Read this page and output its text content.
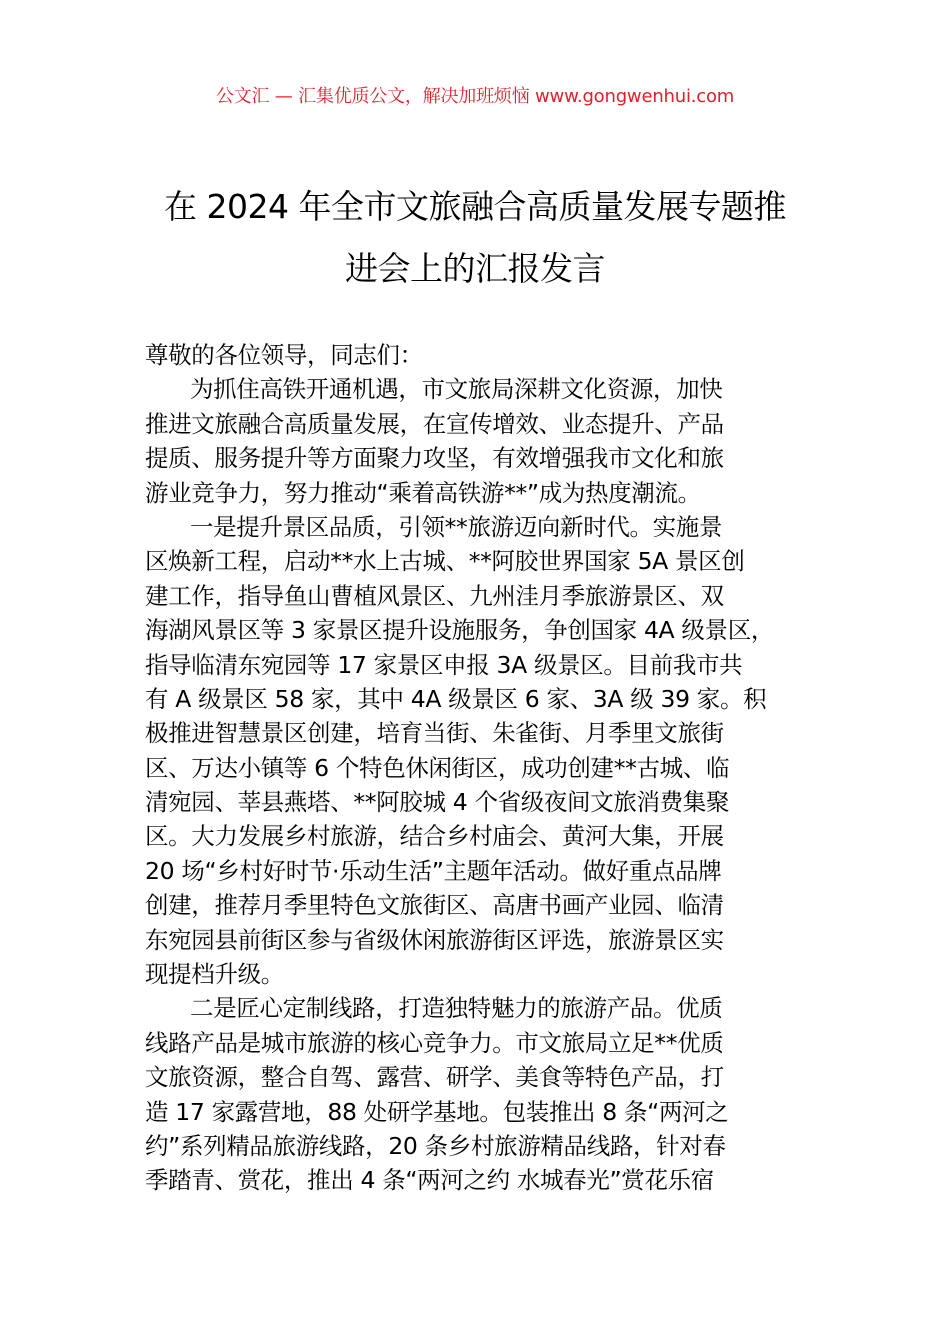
公文汇 — 汇集优质公文，解决加班烦恼 www.gongwenhui.com
在 2024 年全市文旅融合高质量发展专题推
进会上的汇报发言
尊敬的各位领导，同志们：
为抓住高铁开通机遇，市文旅局深耕文化资源，加快
推进文旅融合高质量发展，在宣传增效、业态提升、产品
提质、服务提升等方面聚力攻坚，有效增强我市文化和旅
游业竞争力，努力推动“乘着高铁游**”成为热度潮流。
一是提升景区品质，引领**旅游迈向新时代。实施景
区焕新工程，启动**水上古城、**阿胶世界国家 5A 景区创
建工作，指导鱼山曹植风景区、九州洼月季旅游景区、双
海湖风景区等 3 家景区提升设施服务，争创国家 4A 级景区，
指导临清东宛园等 17 家景区申报 3A 级景区。目前我市共
有 A 级景区 58 家，其中 4A 级景区 6 家、3A 级 39 家。积
极推进智慧景区创建，培育当街、朱雀街、月季里文旅街
区、万达小镇等 6 个特色休闲街区，成功创建**古城、临
清宛园、莘县燕塔、**阿胶城 4 个省级夜间文旅消费集聚
区。大力发展乡村旅游，结合乡村庙会、黄河大集，开展
20 场“乡村好时节·乐动生活”主题年活动。做好重点品牌
创建，推荐月季里特色文旅街区、高唐书画产业园、临清
东宛园县前街区参与省级休闲旅游街区评选，旅游景区实
现提档升级。
二是匠心定制线路，打造独特魅力的旅游产品。优质
线路产品是城市旅游的核心竞争力。市文旅局立足**优质
文旅资源，整合自驾、露营、研学、美食等特色产品，打
造 17 家露营地，88 处研学基地。包装推出 8 条“两河之
约”系列精品旅游线路，20 条乡村旅游精品线路，针对春
季踏青、赏花，推出 4 条“两河之约 水城春光”赏花乐宿
